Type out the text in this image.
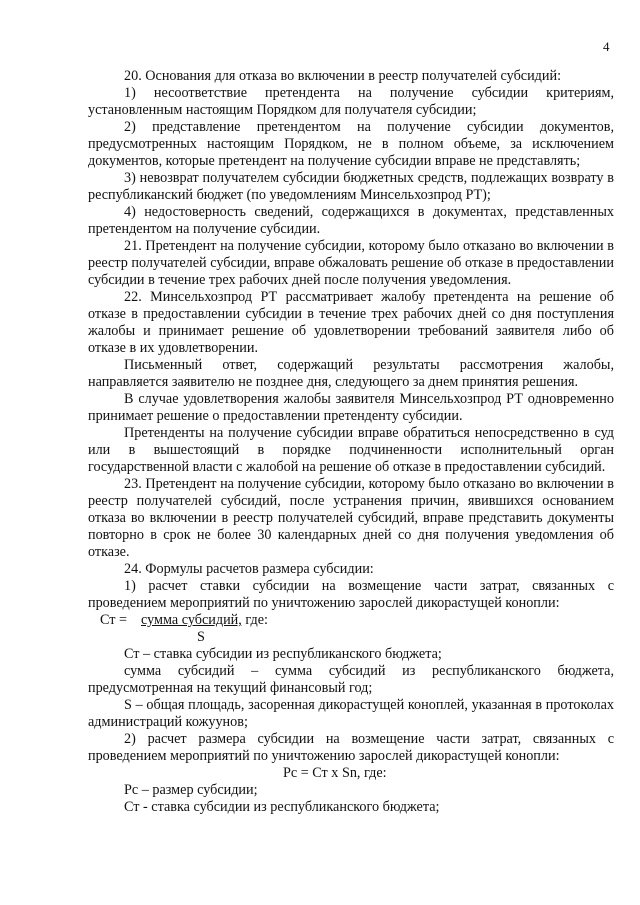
4

20. Основания для отказа во включении в реестр получателей субсидий:

1) несоответствие претендента на получение субсидии критериям, установленным настоящим Порядком для получателя субсидии;

2) представление претендентом на получение субсидии документов, предусмотренных настоящим Порядком, не в полном объеме, за исключением документов, которые претендент на получение субсидии вправе не представлять;

3) невозврат получателем субсидии бюджетных средств, подлежащих возврату в республиканский бюджет (по уведомлениям Минсельхозпрод РТ);

4) недостоверность сведений, содержащихся в документах, представленных претендентом на получение субсидии.

21. Претендент на получение субсидии, которому было отказано во включении в реестр получателей субсидии, вправе обжаловать решение об отказе в предоставлении субсидии в течение трех рабочих дней после получения уведомления.

22. Минсельхозпрод РТ рассматривает жалобу претендента на решение об отказе в предоставлении субсидии в течение трех рабочих дней со дня поступления жалобы и принимает решение об удовлетворении требований заявителя либо об отказе в их удовлетворении.

Письменный ответ, содержащий результаты рассмотрения жалобы, направляется заявителю не позднее дня, следующего за днем принятия решения.

В случае удовлетворения жалобы заявителя Минсельхозпрод РТ одновременно принимает решение о предоставлении претенденту субсидии.

Претенденты на получение субсидии вправе обратиться непосредственно в суд или в вышестоящий в порядке подчиненности исполнительный орган государственной власти с жалобой на решение об отказе в предоставлении субсидий.

23. Претендент на получение субсидии, которому было отказано во включении в реестр получателей субсидий, после устранения причин, явившихся основанием отказа во включении в реестр получателей субсидий, вправе представить документы повторно в срок не более 30 календарных дней со дня получения уведомления об отказе.

24. Формулы расчетов размера субсидии:

1) расчет ставки субсидии на возмещение части затрат, связанных с проведением мероприятий по уничтожению зарослей дикорастущей конопли:

Ст = сумма субсидий, где:
S

Ст – ставка субсидии из республиканского бюджета;

сумма субсидий – сумма субсидий из республиканского бюджета, предусмотренная на текущий финансовый год;

S – общая площадь, засоренная дикорастущей коноплей, указанная в протоколах администраций кожуунов;

2) расчет размера субсидии на возмещение части затрат, связанных с проведением мероприятий по уничтожению зарослей дикорастущей конопли:

Рс = Ст х Sn, где:

Рс – размер субсидии;

Ст - ставка субсидии из республиканского бюджета;
